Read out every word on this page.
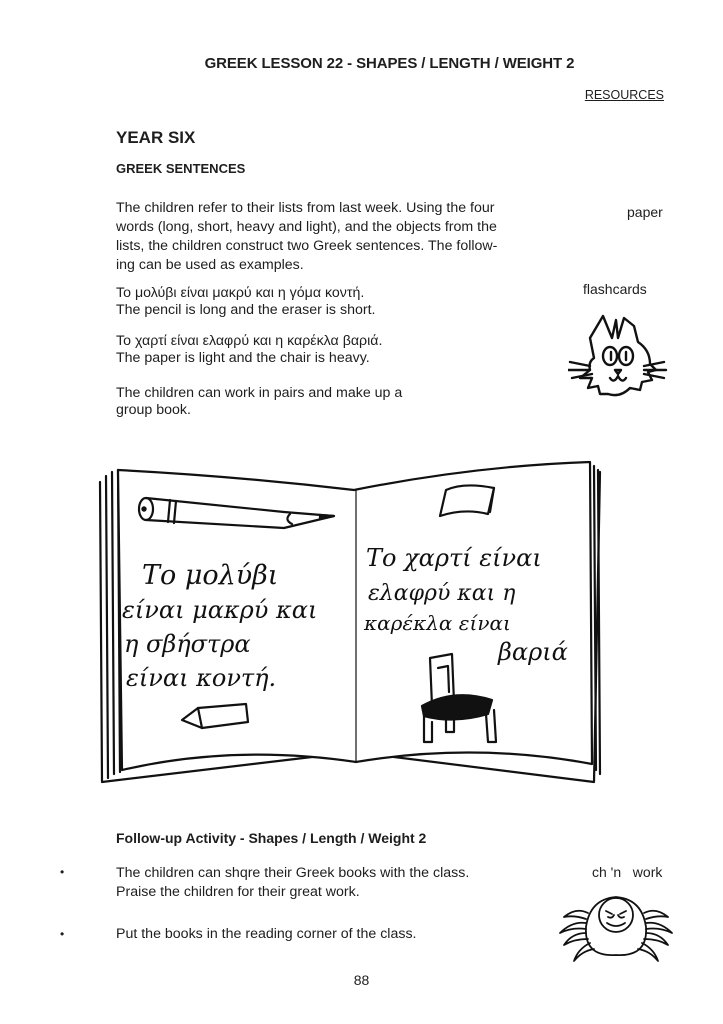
GREEK LESSON 22 - SHAPES / LENGTH / WEIGHT 2
RESOURCES
YEAR SIX
GREEK SENTENCES

The children refer to their lists from last week. Using the four

words (long, short, heavy and light), and the objects from the

lists, the children construct two Greek sentences. The follow-

ing can be used as examples.

Το μολύβι είναι μακρύ και η γόμα κοντή.
The pencil is long and the eraser is short.
Το χαρτί είναι ελαφρύ και η καρέκλα βαριά.
The paper is light and the chair is heavy.
The children can work in pairs and make up a
group book.
paper
flashcards
Το μολύβι
είναι μακρύ και
η σβήστρα
είναι κοντή.
Το χαρτί είναι
ελαφρύ και η
καρέκλα είναι
βαριά
Follow-up Activity - Shapes / Length / Weight 2
•	The children can shqre their Greek books with the class.
Praise the children for their great work.
•	Put the books in the reading corner of the class.
ch 'n   work
88
